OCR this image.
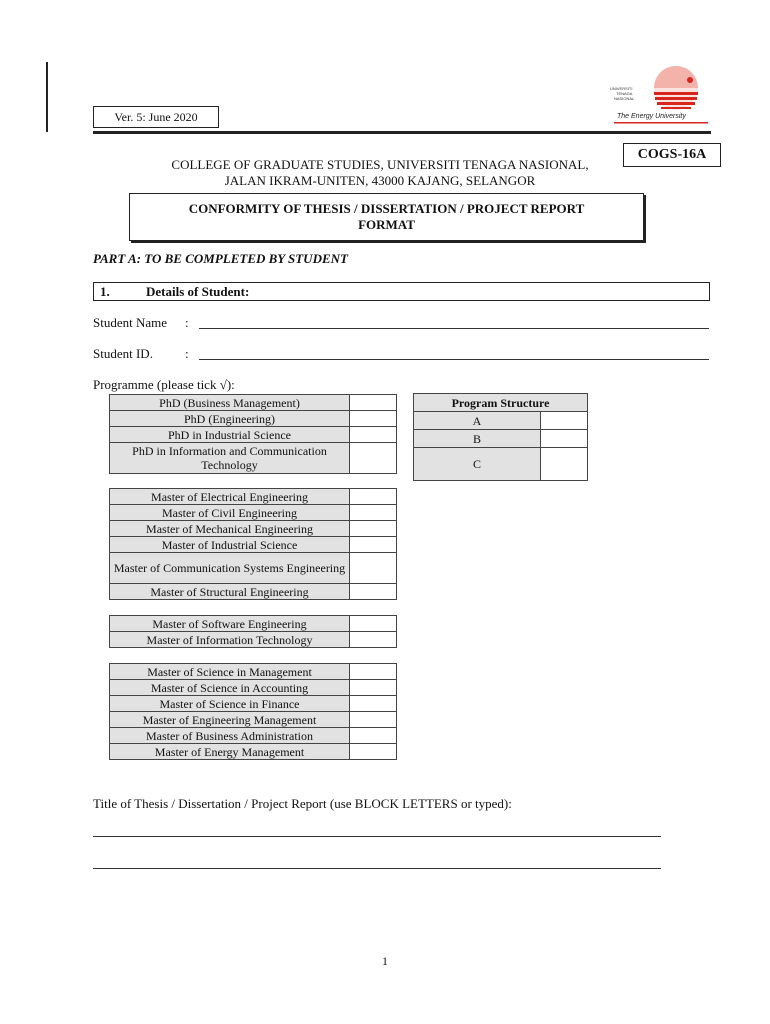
Ver. 5: June 2020
UNIVERSITI
TENAGA
NASIONAL
The Energy University
COGS-16A
COLLEGE OF GRADUATE STUDIES, UNIVERSITI TENAGA NASIONAL,
JALAN IKRAM-UNITEN, 43000 KAJANG, SELANGOR
CONFORMITY OF THESIS / DISSERTATION / PROJECT REPORT
FORMAT
PART A: TO BE COMPLETED BY STUDENT
1.	Details of Student:
Student Name :
Student ID. :
Programme (please tick √):
PhD (Business Management)	
PhD (Engineering)	
PhD in Industrial Science	
PhD in Information and Communication Technology	
Program Structure	
A	
B	
C	
Master of Electrical Engineering	
Master of Civil Engineering	
Master of Mechanical Engineering	
Master of Industrial Science	
Master of Communication Systems Engineering	
Master of Structural Engineering	
Master of Software Engineering	
Master of Information Technology	
Master of Science in Management	
Master of Science in Accounting	
Master of Science in Finance	
Master of Engineering Management	
Master of Business Administration	
Master of Energy Management	
Title of Thesis / Dissertation / Project Report (use BLOCK LETTERS or typed):
1
